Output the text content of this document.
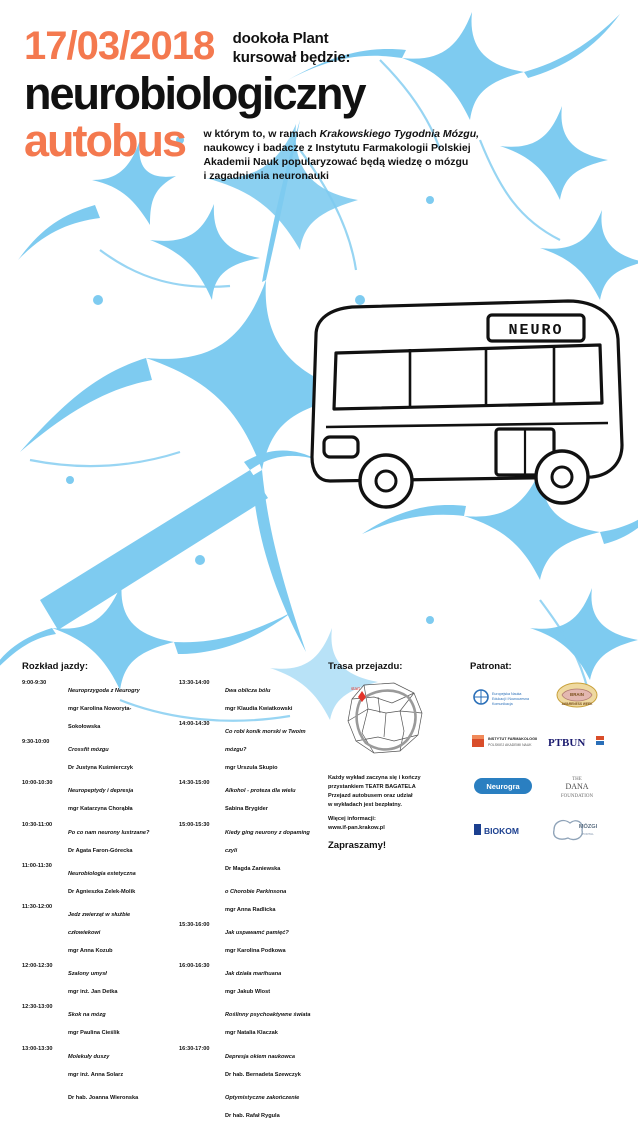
17/03/2018 dookoła Plant
kursował będzie:
neurobiologiczny
autobus w którym to, w ramach Krakowskiego Tygodnia Mózgu,
naukowcy i badacze z Instytutu Farmakologii Polskiej
Akademii Nauk popularyzować będą wiedzę o mózgu
i zagadnienia neuronauki
NEURO
Rozkład jazdy:
9:00-9:30Neuroprzygoda z Neurogry
mgr Karolina Noworyta-Sokołowska
9:30-10:00Crossfit mózgu
Dr Justyna Kuśmierczyk
10:00-10:30Neuropeptydy i depresja
mgr Katarzyna Chorąbła
10:30-11:00Po co nam neurony lustrzane?
Dr Agata Faron-Górecka
11:00-11:30Neurobiologia estetyczna
Dr Agnieszka Zelek-Molik
11:30-12:00Jedz zwierząt w służbie człowiekowi
mgr Anna Kozub
12:00-12:30Szalony umysł
mgr inż. Jan Detka
12:30-13:00Skok na mózg
mgr Paulina Cieślik
13:00-13:30Molekuły duszy
mgr inż. Anna Solarz
Dr hab. Joanna Wieronska
13:30-14:00Dwa oblicza bólu
mgr Klaudia Kwiatkowski
14:00-14:30Co robi konik morski w Twoim mózgu?
mgr Urszula Skupio
14:30-15:00Alkohol - proteza dla wielu
Sabina Brygider
15:00-15:30Kiedy ging neurony z dopaming czyli
Dr Magda Zaniewska
o Chorobie Parkinsona
mgr Anna Radlicka
15:30-16:00Jak uspawamć pamięć?
mgr Karolina Podkowa
16:00-16:30Jak działa marihuana
mgr Jakub Wlost
Roślinny psychoaktywne świata
mgr Natalia Klaczak
16:30-17:00Depresja okiem naukowca
Dr hab. Bernadeta Szewczyk
Optymistyczne zakończenie
Dr hab. Rafał Rygula
Trasa przejazdu:
start
Każdy wykład zaczyna się i kończy
przystankiem TEATR BAGATELA
Przejazd autobusem oraz udział
w wykładach jest bezpłatny.
Więcej informacji:
www.if-pan.krakow.pl
Zapraszamy!
Patronat:
Europejska Nauka
Edukacji i Nowoczesna
Komunikacja
BRAIN
AWARENESS WEEK
INSTYTUT FARMAKOLOGII
POLSKIEJ AKADEMII NAUK PTBUN
Neurogra
THE
DANA
FOUNDATION
BIOKOM	MÓZGI
PORTAL
